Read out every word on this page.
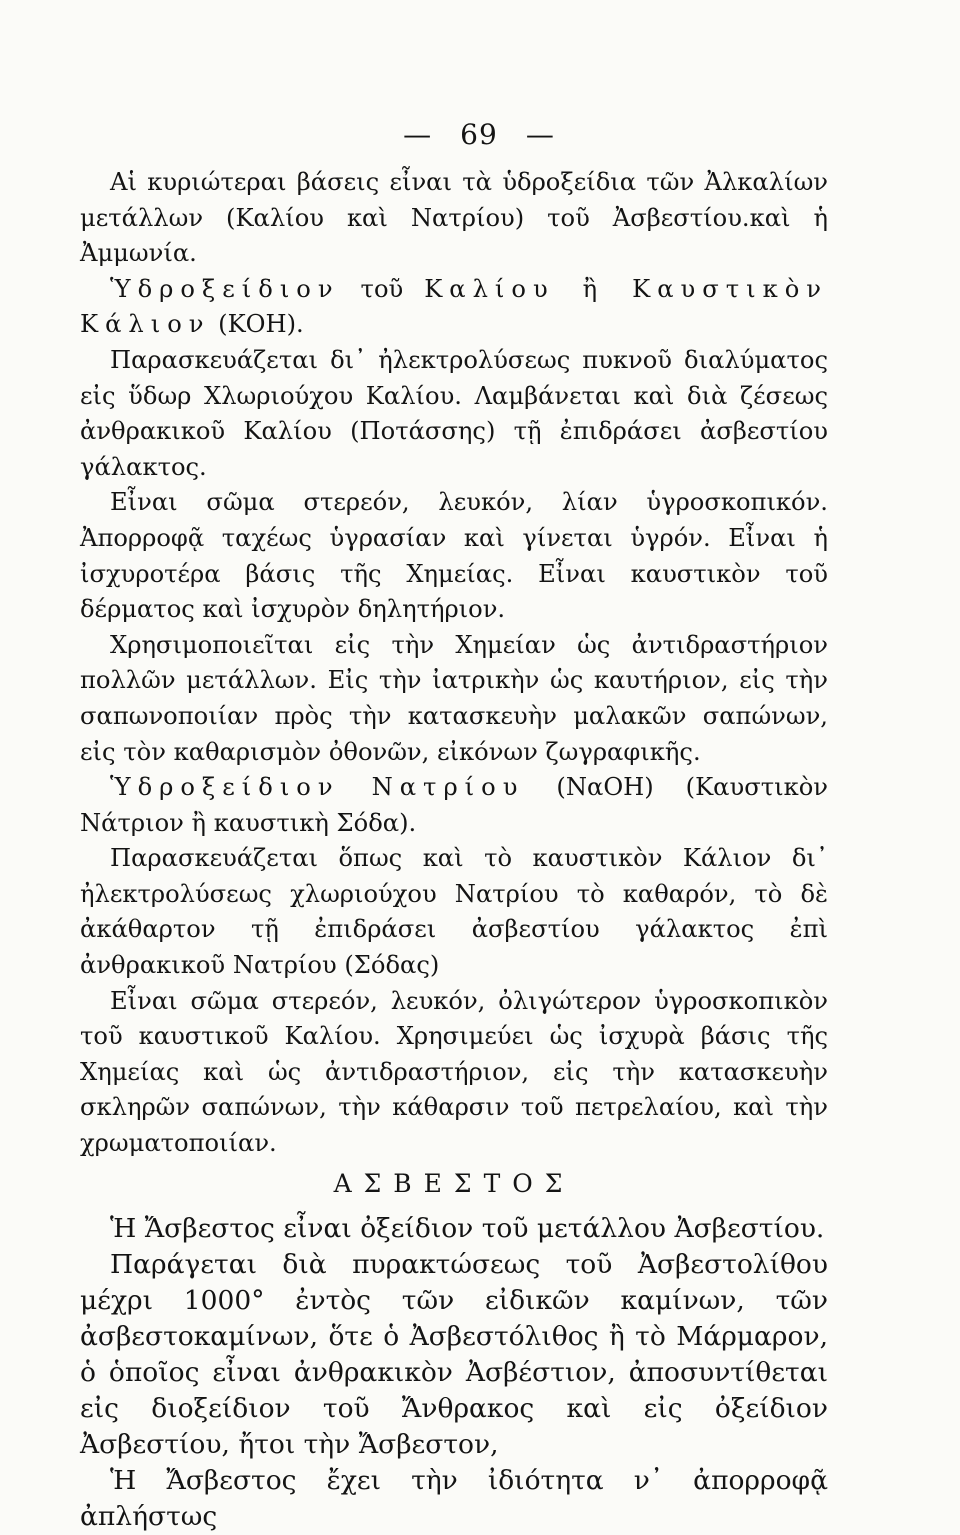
— 69 —

Αἱ κυριώτεραι βάσεις εἶναι τὰ ὑδροξείδια τῶν Ἀλκαλίων μετάλλων (Καλίου καὶ Νατρίου) τοῦ Ἀσβεστίου.καὶ ἡ Ἀμμωνία.

Ὑδροξείδιον τοῦ Καλίου ἢ Καυστικὸν Κάλιον (ΚΟΗ).

Παρασκευάζεται δι᾽ ἠλεκτρολύσεως πυκνοῦ διαλύματος εἰς ὕδωρ Χλωριούχου Καλίου. Λαμβάνεται καὶ διὰ ζέσεως ἀνθρακικοῦ Καλίου (Ποτάσσης) τῇ ἐπιδράσει ἀσβεστίου γάλακτος.

Εἶναι σῶμα στερεόν, λευκόν, λίαν ὑγροσκοπικόν. Ἀπορροφᾷ ταχέως ὑγρασίαν καὶ γίνεται ὑγρόν. Εἶναι ἡ ἰσχυροτέρα βάσις τῆς Χημείας. Εἶναι καυστικὸν τοῦ δέρματος καὶ ἰσχυρὸν δηλητήριον.

Χρησιμοποιεῖται εἰς τὴν Χημείαν ὡς ἀντιδραστήριον πολλῶν μετάλλων. Εἰς τὴν ἰατρικὴν ὡς καυτήριον, εἰς τὴν σαπωνοποιίαν πρὸς τὴν κατασκευὴν μαλακῶν σαπώνων, εἰς τὸν καθαρισμὸν ὀθονῶν, εἰκόνων ζωγραφικῆς.

Ὑδροξείδιον Νατρίου (ΝαΟΗ) (Καυστικὸν Νάτριον ἢ καυστικὴ Σόδα).

Παρασκευάζεται ὅπως καὶ τὸ καυστικὸν Κάλιον δι᾽ ἠλεκτρολύσεως χλωριούχου Νατρίου τὸ καθαρόν, τὸ δὲ ἀκάθαρτον τῇ ἐπιδράσει ἀσβεστίου γάλακτος ἐπὶ ἀνθρακικοῦ Νατρίου (Σόδας)

Εἶναι σῶμα στερεόν, λευκόν, ὀλιγώτερον ὑγροσκοπικὸν τοῦ καυστικοῦ Καλίου. Χρησιμεύει ὡς ἰσχυρὰ βάσις τῆς Χημείας καὶ ὡς ἀντιδραστήριον, εἰς τὴν κατασκευὴν σκληρῶν σαπώνων, τὴν κάθαρσιν τοῦ πετρελαίου, καὶ τὴν χρωματοποιίαν.

ΑΣΒΕΣΤΟΣ

Ἡ Ἄσβεστος εἶναι ὀξείδιον τοῦ μετάλλου Ἀσβεστίου.

Παράγεται διὰ πυρακτώσεως τοῦ Ἀσβεστολίθου μέχρι 1000° ἐντὸς τῶν εἰδικῶν καμίνων, τῶν ἀσβεστοκαμίνων, ὅτε ὁ Ἀσβεστόλιθος ἢ τὸ Μάρμαρον, ὁ ὁποῖος εἶναι ἀνθρακικὸν Ἀσβέστιον, ἀποσυντίθεται εἰς διοξείδιον τοῦ Ἄνθρακος καὶ εἰς ὀξείδιον Ἀσβεστίου, ἤτοι τὴν Ἄσβεστον,

Ἡ Ἄσβεστος ἔχει τὴν ἰδιότητα ν᾽ ἀπορροφᾷ ἀπλήστως
